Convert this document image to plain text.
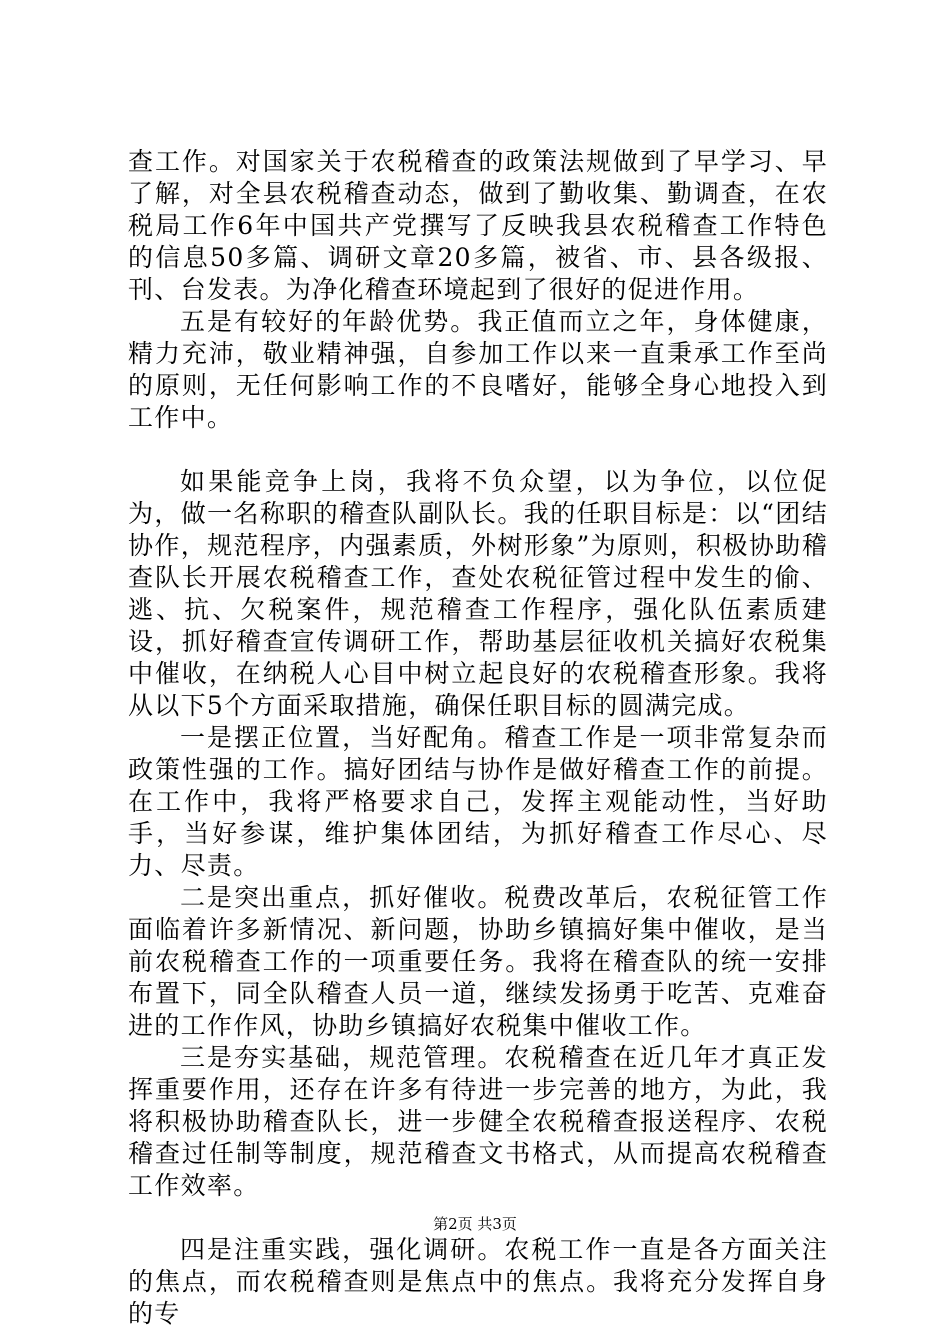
查工作。对国家关于农税稽查的政策法规做到了早学习、早了解，对全县农税稽查动态，做到了勤收集、勤调查，在农税局工作6年中国共产党撰写了反映我县农税稽查工作特色的信息50多篇、调研文章20多篇，被省、市、县各级报、刊、台发表。为净化稽查环境起到了很好的促进作用。

五是有较好的年龄优势。我正值而立之年，身体健康，精力充沛，敬业精神强，自参加工作以来一直秉承工作至尚的原则，无任何影响工作的不良嗜好，能够全身心地投入到工作中。

如果能竞争上岗，我将不负众望，以为争位，以位促为，做一名称职的稽查队副队长。我的任职目标是：以“团结协作，规范程序，内强素质，外树形象”为原则，积极协助稽查队长开展农税稽查工作，查处农税征管过程中发生的偷、逃、抗、欠税案件，规范稽查工作程序，强化队伍素质建设，抓好稽查宣传调研工作，帮助基层征收机关搞好农税集中催收，在纳税人心目中树立起良好的农税稽查形象。我将从以下5个方面采取措施，确保任职目标的圆满完成。

一是摆正位置，当好配角。稽查工作是一项非常复杂而政策性强的工作。搞好团结与协作是做好稽查工作的前提。在工作中，我将严格要求自己，发挥主观能动性，当好助手，当好参谋，维护集体团结，为抓好稽查工作尽心、尽力、尽责。

二是突出重点，抓好催收。税费改革后，农税征管工作面临着许多新情况、新问题，协助乡镇搞好集中催收，是当前农税稽查工作的一项重要任务。我将在稽查队的统一安排布置下，同全队稽查人员一道，继续发扬勇于吃苦、克难奋进的工作作风，协助乡镇搞好农税集中催收工作。

三是夯实基础，规范管理。农税稽查在近几年才真正发挥重要作用，还存在许多有待进一步完善的地方，为此，我将积极协助稽查队长，进一步健全农税稽查报送程序、农税稽查过任制等制度，规范稽查文书格式，从而提高农税稽查工作效率。

四是注重实践，强化调研。农税工作一直是各方面关注的焦点，而农税稽查则是焦点中的焦点。我将充分发挥自身的专

第2页 共3页
